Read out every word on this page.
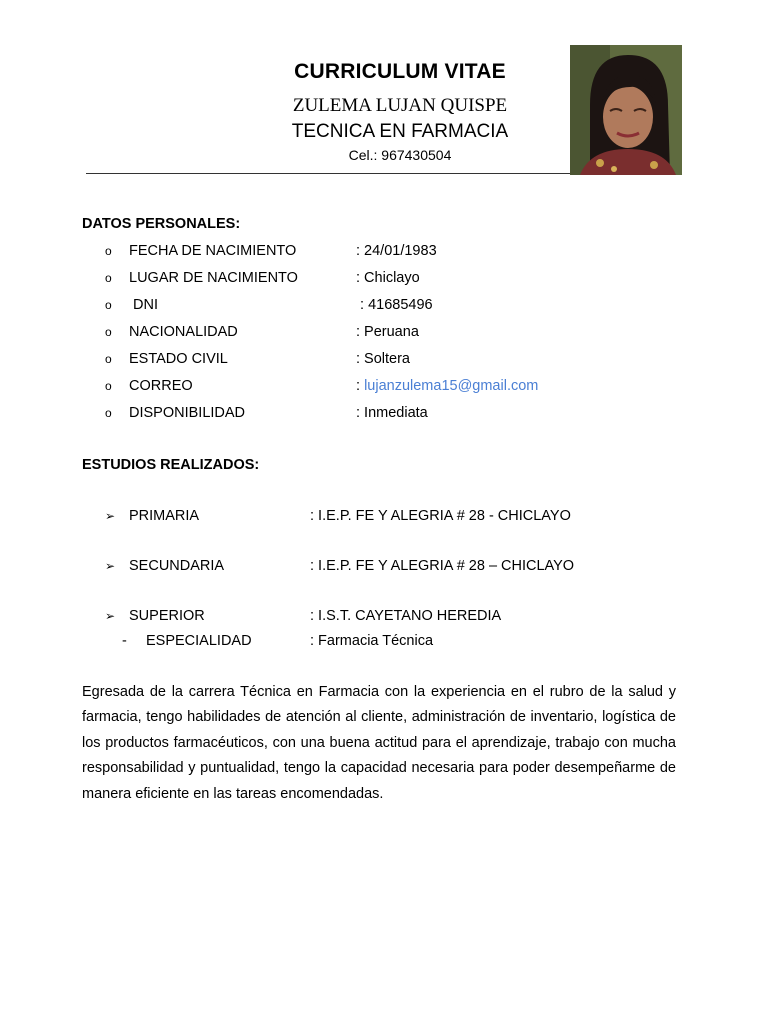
CURRICULUM VITAE
ZULEMA LUJAN QUISPE
TECNICA EN FARMACIA
Cel.: 967430504
DATOS PERSONALES:
o FECHA DE NACIMIENTO	: 24/01/1983
o LUGAR DE NACIMIENTO	: Chiclayo
o DNI	: 41685496
o NACIONALIDAD	: Peruana
o ESTADO CIVIL	: Soltera
o CORREO	: lujanzulema15@gmail.com
o DISPONIBILIDAD	: Inmediata
ESTUDIOS REALIZADOS:
➢ PRIMARIA	: I.E.P. FE Y ALEGRIA # 28 - CHICLAYO
➢ SECUNDARIA	: I.E.P. FE Y ALEGRIA # 28 – CHICLAYO
➢ SUPERIOR	: I.S.T. CAYETANO HEREDIA
- ESPECIALIDAD	: Farmacia Técnica
Egresada de la carrera Técnica en Farmacia con la experiencia en el rubro de la salud y farmacia, tengo habilidades de atención al cliente, administración de inventario, logística de los productos farmacéuticos, con una buena actitud para el aprendizaje, trabajo con mucha responsabilidad y puntualidad, tengo la capacidad necesaria para poder desempeñarme de manera eficiente en las tareas encomendadas.
